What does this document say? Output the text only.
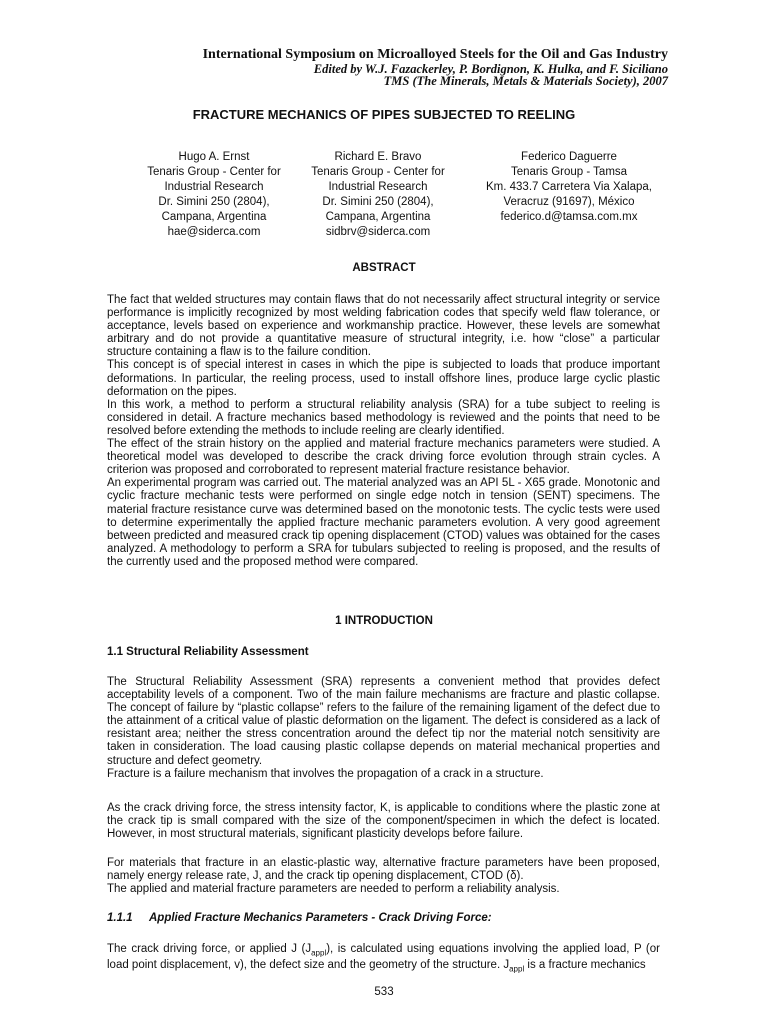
International Symposium on Microalloyed Steels for the Oil and Gas Industry
Edited by W.J. Fazackerley, P. Bordignon, K. Hulka, and F. Siciliano
TMS (The Minerals, Metals & Materials Society), 2007
FRACTURE MECHANICS OF PIPES SUBJECTED TO REELING
Hugo A. Ernst
Tenaris Group - Center for
Industrial Research
Dr. Simini 250 (2804),
Campana, Argentina
hae@siderca.com
Richard E. Bravo
Tenaris Group - Center for
Industrial Research
Dr. Simini 250 (2804),
Campana, Argentina
sidbrv@siderca.com
Federico Daguerre
Tenaris Group - Tamsa
Km. 433.7 Carretera Via Xalapa,
Veracruz (91697), México
federico.d@tamsa.com.mx
ABSTRACT

The fact that welded structures may contain flaws that do not necessarily affect structural integrity or service performance is implicitly recognized by most welding fabrication codes that specify weld flaw tolerance, or acceptance, levels based on experience and workmanship practice. However, these levels are somewhat arbitrary and do not provide a quantitative measure of structural integrity, i.e. how “close” a particular structure containing a flaw is to the failure condition.

This concept is of special interest in cases in which the pipe is subjected to loads that produce important deformations. In particular, the reeling process, used to install offshore lines, produce large cyclic plastic deformation on the pipes.

In this work, a method to perform a structural reliability analysis (SRA) for a tube subject to reeling is considered in detail. A fracture mechanics based methodology is reviewed and the points that need to be resolved before extending the methods to include reeling are clearly identified.

The effect of the strain history on the applied and material fracture mechanics parameters were studied. A theoretical model was developed to describe the crack driving force evolution through strain cycles. A criterion was proposed and corroborated to represent material fracture resistance behavior.

An experimental program was carried out. The material analyzed was an API 5L - X65 grade. Monotonic and cyclic fracture mechanic tests were performed on single edge notch in tension (SENT) specimens. The material fracture resistance curve was determined based on the monotonic tests. The cyclic tests were used to determine experimentally the applied fracture mechanic parameters evolution. A very good agreement between predicted and measured crack tip opening displacement (CTOD) values was obtained for the cases analyzed. A methodology to perform a SRA for tubulars subjected to reeling is proposed, and the results of the currently used and the proposed method were compared.

1 INTRODUCTION
1.1 Structural Reliability Assessment

The Structural Reliability Assessment (SRA) represents a convenient method that provides defect acceptability levels of a component. Two of the main failure mechanisms are fracture and plastic collapse. The concept of failure by “plastic collapse” refers to the failure of the remaining ligament of the defect due to the attainment of a critical value of plastic deformation on the ligament. The defect is considered as a lack of resistant area; neither the stress concentration around the defect tip nor the material notch sensitivity are taken in consideration. The load causing plastic collapse depends on material mechanical properties and structure and defect geometry.

Fracture is a failure mechanism that involves the propagation of a crack in a structure.

As the crack driving force, the stress intensity factor, K, is applicable to conditions where the plastic zone at the crack tip is small compared with the size of the component/specimen in which the defect is located. However, in most structural materials, significant plasticity develops before failure.

For materials that fracture in an elastic-plastic way, alternative fracture parameters have been proposed, namely energy release rate, J, and the crack tip opening displacement, CTOD (δ).

The applied and material fracture parameters are needed to perform a reliability analysis.

1.1.1 Applied Fracture Mechanics Parameters - Crack Driving Force:

The crack driving force, or applied J $(J_{appl})$, is calculated using equations involving the applied load, P (or load point displacement, v), the defect size and the geometry of the structure. $J_{appl}$ is a fracture mechanics

533
